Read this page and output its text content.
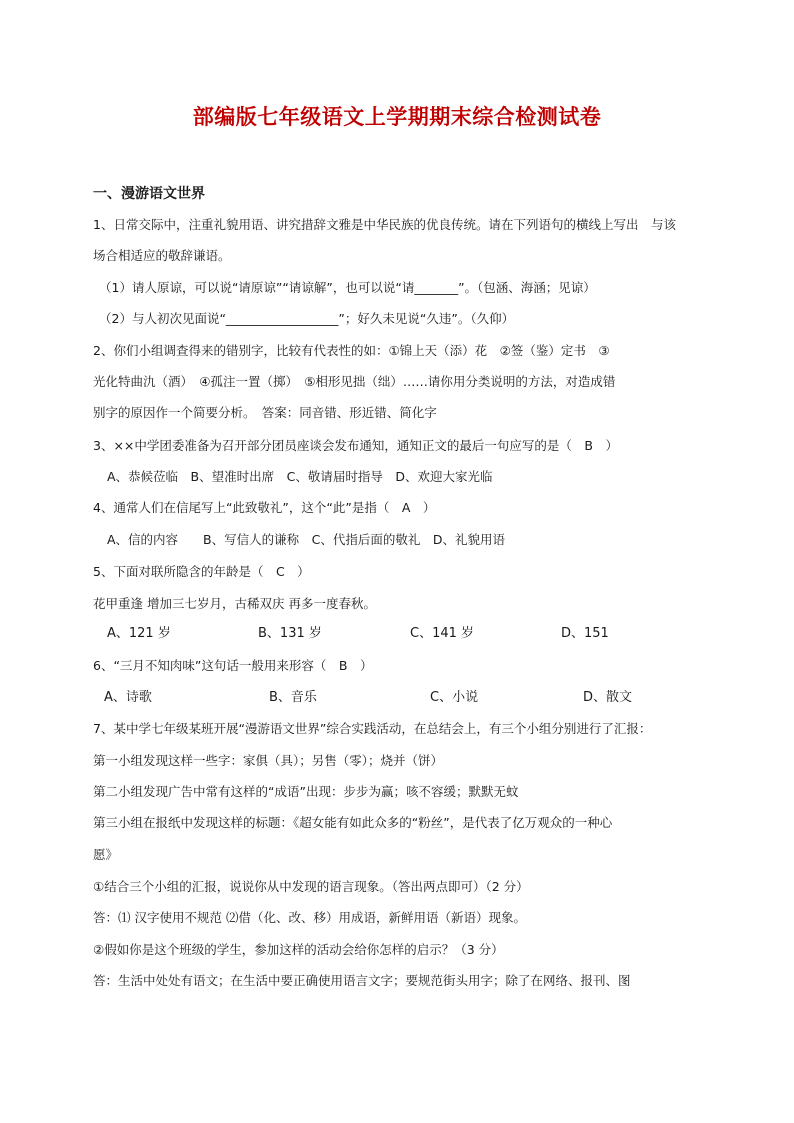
部编版七年级语文上学期期末综合检测试卷
一、漫游语文世界
1、日常交际中，注重礼貌用语、讲究措辞文雅是中华民族的优良传统。请在下列语句的横线上写出　与该
场合相适应的敬辞谦语。
（1）请人原谅，可以说“请原谅”“请谅解”，也可以说“请_______”。（包涵、海涵；见谅）
（2）与人初次见面说“__________________”；好久未见说“久违”。（久仰）
2、你们小组调查得来的错别字，比较有代表性的如：①锦上天（添）花　②签（鉴）定书　③
光化特曲氿（酒）　④孤注一置（掷）　⑤相形见拙（绌）……请你用分类说明的方法，对造成错
别字的原因作一个简要分析。　答案：同音错、形近错、简化字
3、××中学团委准备为召开部分团员座谈会发布通知，通知正文的最后一句应写的是（　B　）
A、恭候莅临　B、望准时出席　C、敬请届时指导　D、欢迎大家光临
4、通常人们在信尾写上“此致敬礼”，这个“此”是指（　A　）
A、信的内容　　B、写信人的谦称　C、代指后面的敬礼　D、礼貌用语
5、下面对联所隐含的年龄是（　C　）
花甲重逢 增加三七岁月，古稀双庆 再多一度春秋。
A、121 岁	B、131 岁	C、141 岁	D、151
6、“三月不知肉味”这句话一般用来形容（　B　）
A、诗歌	B、音乐	C、小说	D、散文
7、某中学七年级某班开展“漫游语文世界”综合实践活动，在总结会上，有三个小组分别进行了汇报：
第一小组发现这样一些字：家俱（具）；另售（零）；烧并（饼）
第二小组发现广告中常有这样的“成语”出现：步步为赢；咳不容缓；默默无蚊
第三小组在报纸中发现这样的标题：《超女能有如此众多的“粉丝”，是代表了亿万观众的一种心
愿》
①结合三个小组的汇报，说说你从中发现的语言现象。（答出两点即可）（2 分）
答：⑴ 汉字使用不规范 ⑵借（化、改、移）用成语，新鲜用语（新语）现象。
②假如你是这个班级的学生，参加这样的活动会给你怎样的启示？（3 分）
答：生活中处处有语文；在生活中要正确使用语言文字；要规范街头用字；除了在网络、报刊、图
